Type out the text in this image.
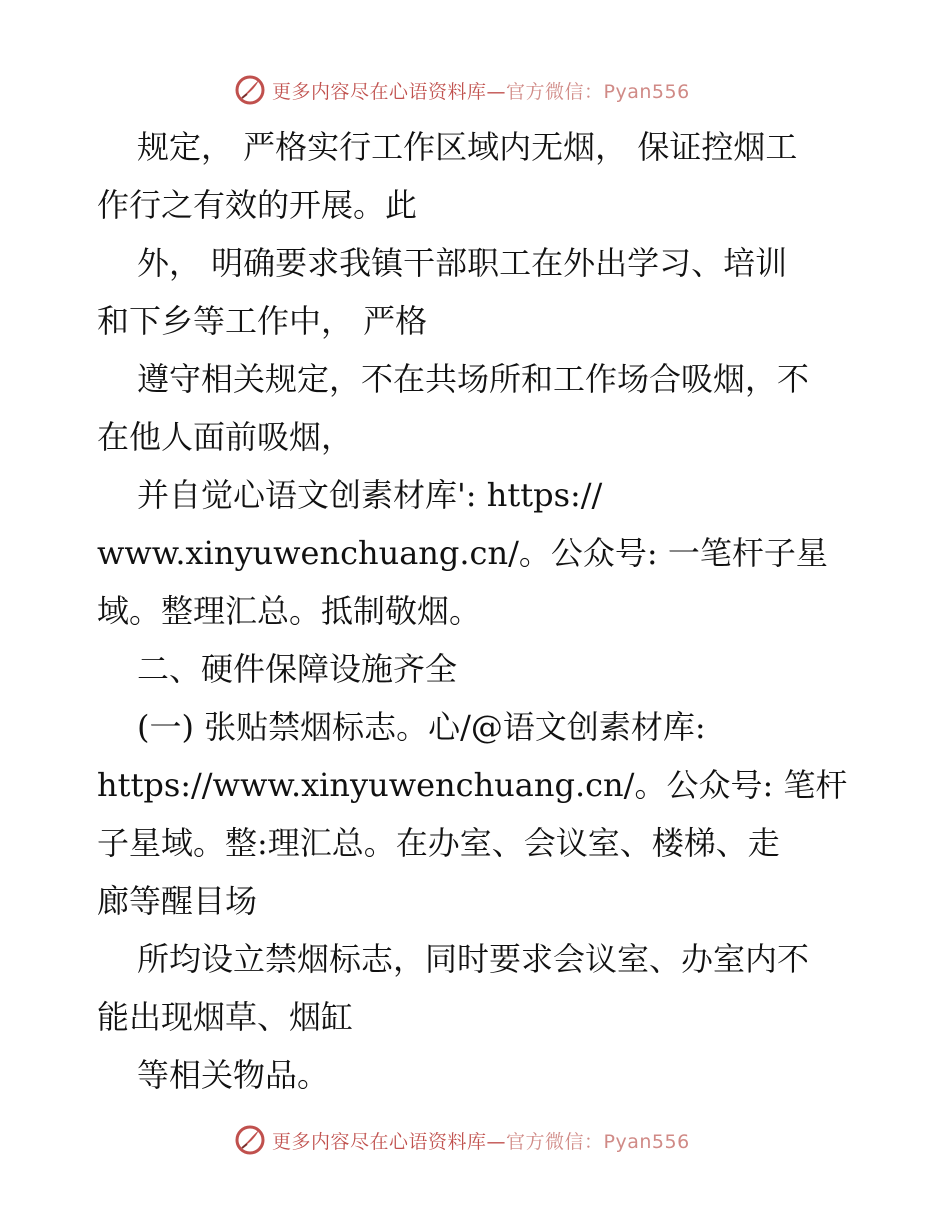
更多内容尽在心语资料库—官方微信：Pyan556
规定， 严格实行工作区域内无烟， 保证控烟工
作行之有效的开展。此
外， 明确要求我镇干部职工在外出学习、培训
和下乡等工作中， 严格
遵守相关规定，不在共场所和工作场合吸烟，不
在他人面前吸烟，
并自觉心语文创素材库': https://
www.xinyuwenchuang.cn/。公众号: 一笔杆子星
域。整理汇总。抵制敬烟。
二、硬件保障设施齐全
(一) 张贴禁烟标志。心/@语文创素材库:
https://www.xinyuwenchuang.cn/。公众号: 笔杆
子星域。整:理汇总。在办室、会议室、楼梯、走
廊等醒目场
所均设立禁烟标志，同时要求会议室、办室内不
能出现烟草、烟缸
等相关物品。
更多内容尽在心语资料库—官方微信：Pyan556
